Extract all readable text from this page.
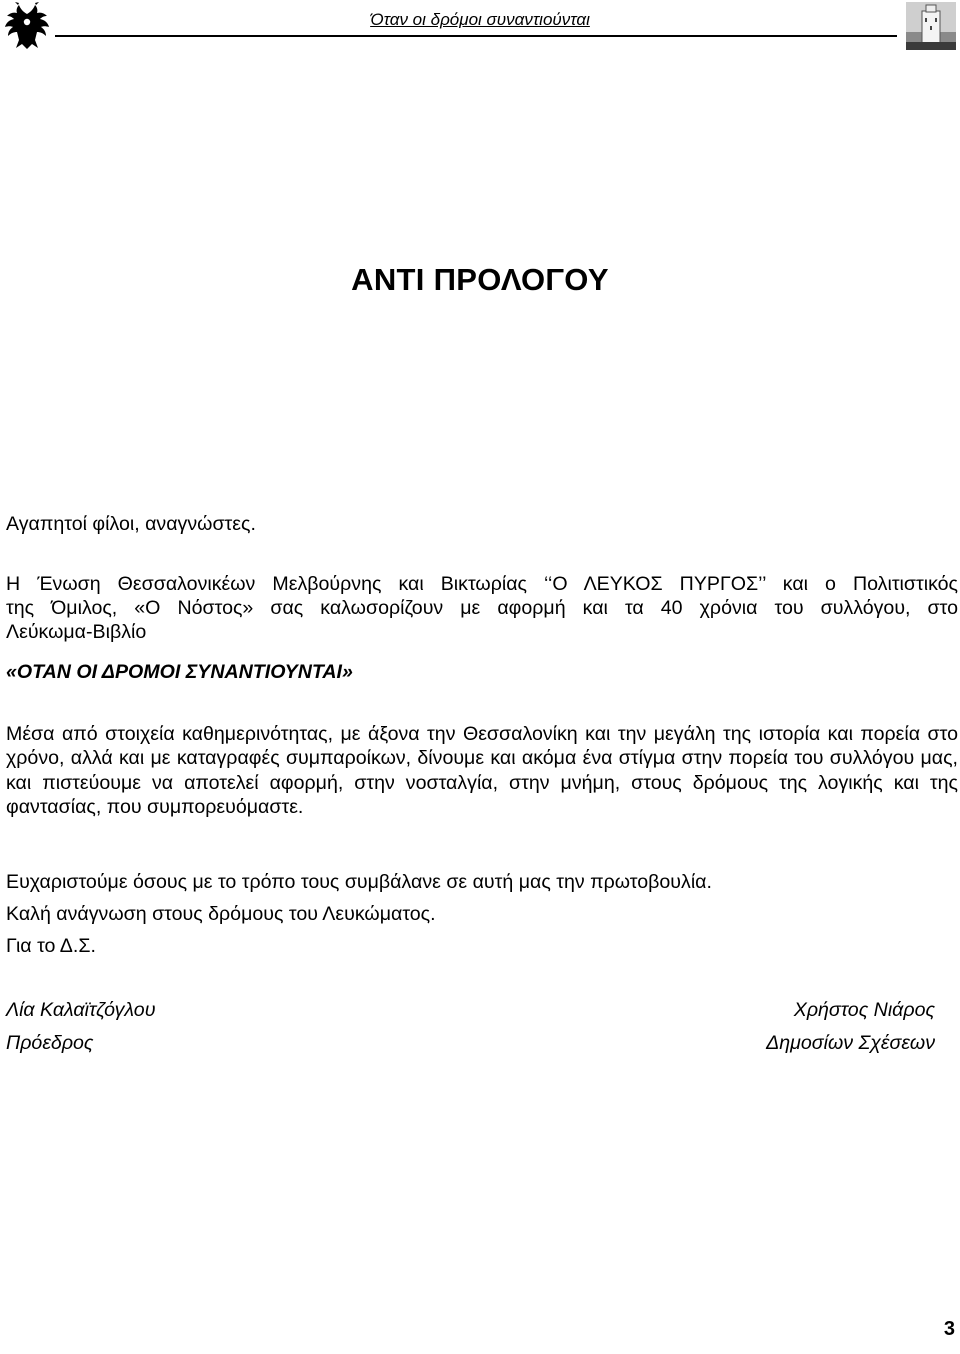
Όταν οι δρόμοι συναντιούνται
ΑΝΤΙ ΠΡΟΛΟΓΟΥ
Αγαπητοί φίλοι, αναγνώστες.
Η Ένωση Θεσσαλονικέων Μελβούρνης και Βικτωρίας ‘‘Ο ΛΕΥΚΟΣ ΠΥΡΓΟΣ’’ και ο Πολιτιστικός
της Όμιλος, «Ο Νόστος» σας καλωσορίζουν με αφορμή και τα 40 χρόνια του συλλόγου, στο
Λεύκωμα-Βιβλίο
«ΟΤΑΝ ΟΙ ΔΡΟΜΟΙ ΣΥΝΑΝΤΙΟΥΝΤΑΙ»
Μέσα από στοιχεία καθημερινότητας, με άξονα την Θεσσαλονίκη και την μεγάλη της ιστορία και πορεία στο χρόνο, αλλά και με καταγραφές συμπαροίκων, δίνουμε και ακόμα ένα στίγμα στην πορεία του συλλόγου μας, και πιστεύουμε να αποτελεί αφορμή, στην νοσταλγία, στην μνήμη, στους δρόμους της λογικής και της φαντασίας, που συμπορευόμαστε.
Ευχαριστούμε όσους με το τρόπο τους συμβάλανε σε αυτή μας την πρωτοβουλία.
Καλή ανάγνωση στους δρόμους του Λευκώματος.
Για το Δ.Σ.
Λία Καλαϊτζόγλου
Πρόεδρος
Χρήστος Νιάρος
Δημοσίων Σχέσεων
3
